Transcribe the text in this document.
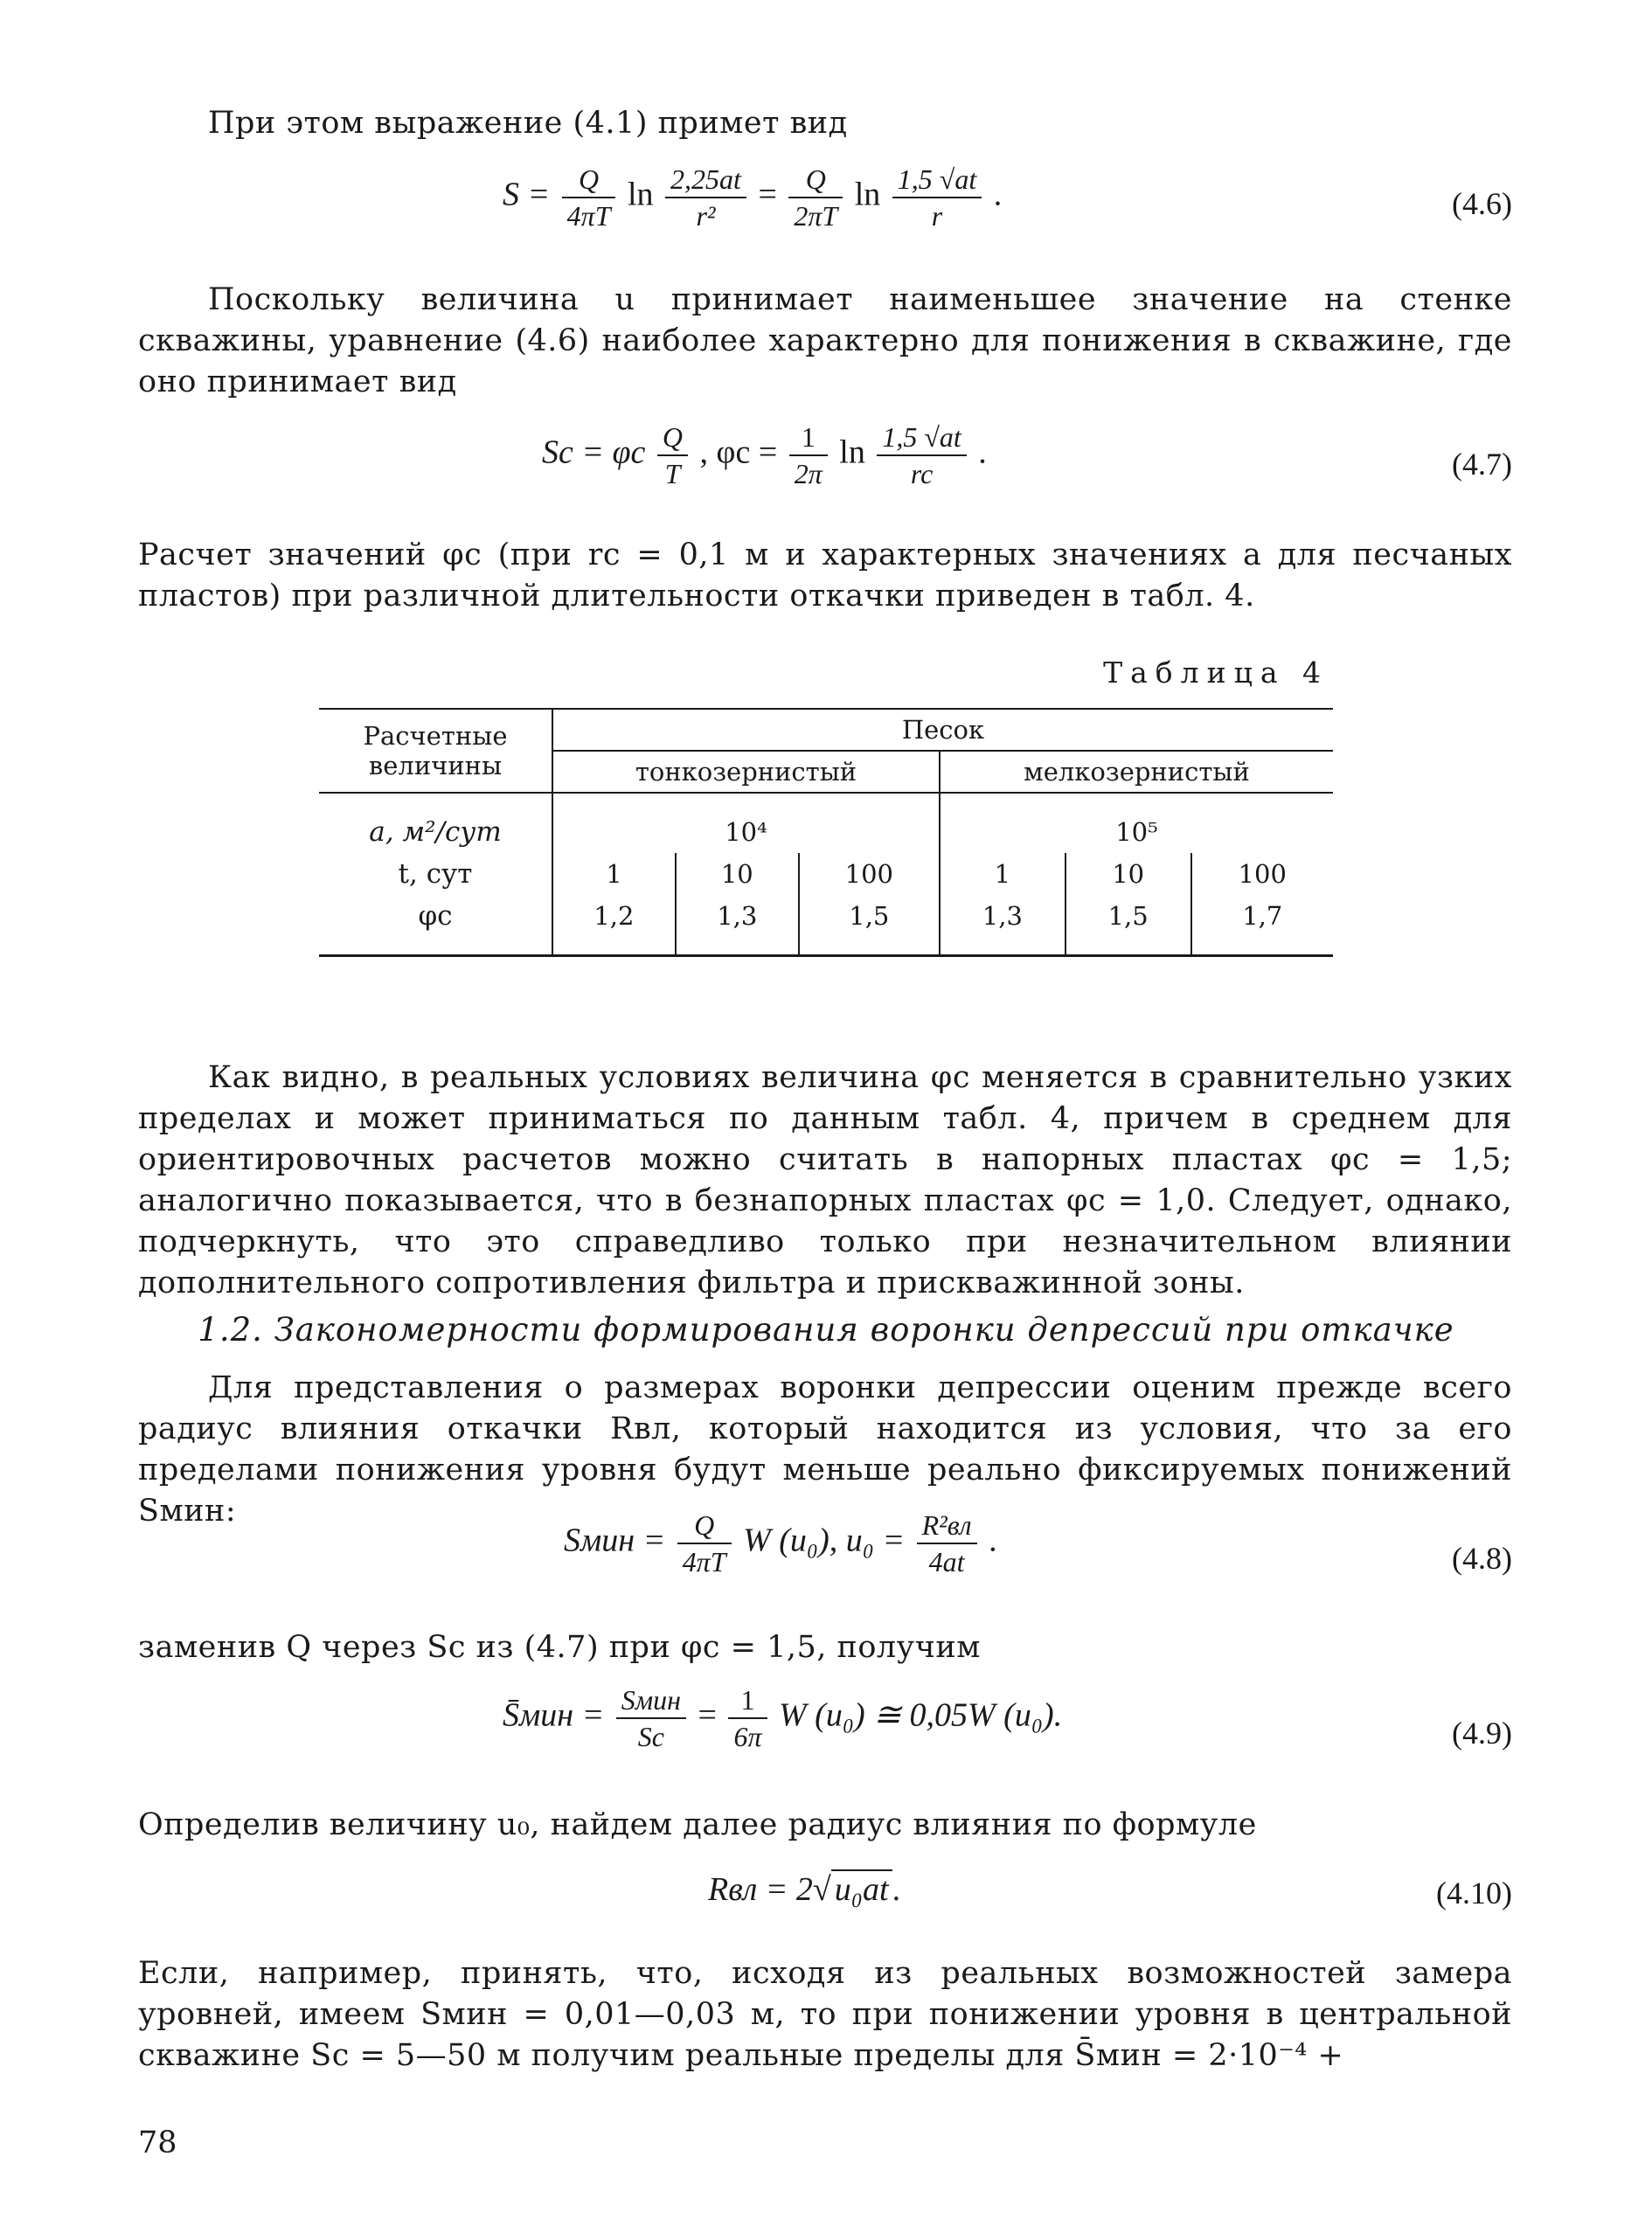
При этом выражение (4.1) примет вид
$S = \frac{Q}{4\pi T}$ $\ln \frac{2,25at}{\text{r²}} = \frac{Q}{2\pi T}$ $\ln \frac{1,5 √at}{r}$ .	(4.6)
Поскольку величина u принимает наименьшее значение на стенке скважины, уравнение (4.6) наиболее характерно для понижения в скважине, где оно принимает вид
Sc = φc $\frac{Q}{T}$ , $\varphi c = \frac{1}{2\pi}$ $\ln \frac{1,5 √at}{rc}$ .	(4.7)
Расчет значений φc (при rc = 0,1 м и характерных значениях a для песчаных пластов) при различной длительности откачки приведен в табл. 4.
Таблица 4
Расчетные величины	Песок					
	тонкозернистый			мелкозернистый		
a, м²/сут	10⁴			10⁵		
t, сут	1	10	100	1	10	100
φc	1,2	1,3	1,5	1,3	1,5	1,7
Как видно, в реальных условиях величина φc меняется в сравнительно узких пределах и может приниматься по данным табл. 4, причем в среднем для ориентировочных расчетов можно считать в напорных пластах φc = 1,5; аналогично показывается, что в безнапорных пластах φc = 1,0. Следует, однако, подчеркнуть, что это справедливо только при незначительном влиянии дополнительного сопротивления фильтра и прискважинной зоны.
1.2. Закономерности формирования воронки депрессий при откачке
Для представления о размерах воронки депрессии оценим прежде всего радиус влияния откачки Rвл, который находится из условия, что за его пределами понижения уровня будут меньше реально фиксируемых понижений Sмин:
Sмин = $\frac{Q}{4\pi T}$ W (u₀), $u_0 = \frac{\text{R²вл}}{4at}$ .	(4.8)
заменив Q через Sc из (4.7) при φc = 1,5, получим
S̄мин = $\frac{\text{Sмин}}{Sc} = \frac{1}{6\pi}$ W (u₀) ≅ 0,05W (u₀).	(4.9)
Определив величину u₀, найдем далее радиус влияния по формуле
Rвл = 2√ u₀at .	(4.10)
Если, например, принять, что, исходя из реальных возможностей замера уровней, имеем Sмин = 0,01—0,03 м, то при понижении уровня в центральной скважине Sc = 5—50 м получим реальные пределы для S̄мин = 2·10⁻⁴ +
78
